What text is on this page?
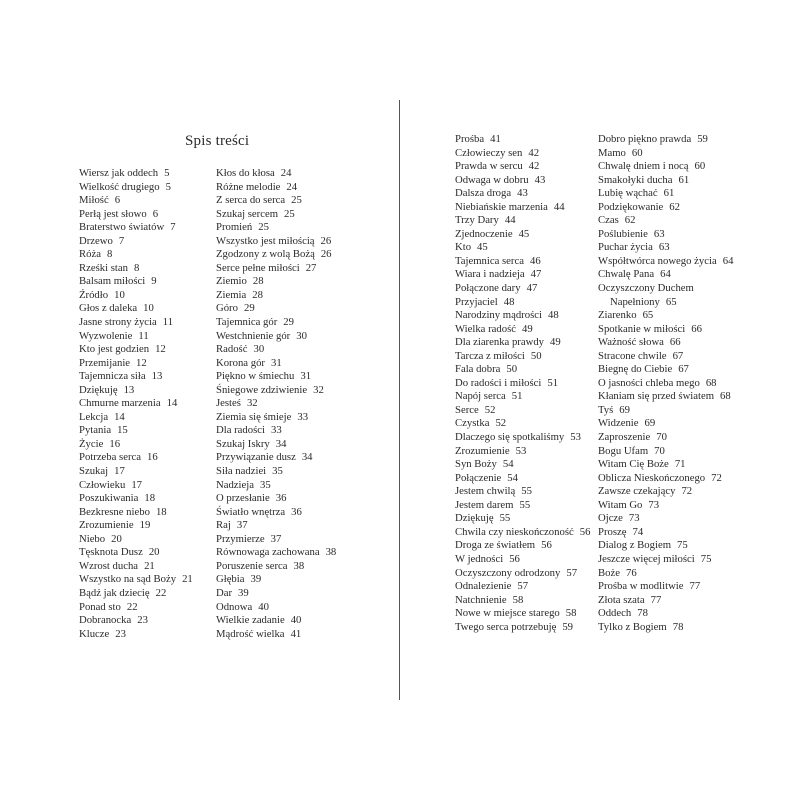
Spis treści
Wiersz jak oddech 5
Wielkość drugiego 5
Miłość 6
Perłą jest słowo 6
Braterstwo światów 7
Drzewo 7
Róża 8
Rześki stan 8
Balsam miłości 9
Źródło 10
Głos z daleka 10
Jasne strony życia 11
Wyzwolenie 11
Kto jest godzien 12
Przemijanie 12
Tajemnicza siła 13
Dziękuję 13
Chmurne marzenia 14
Lekcja 14
Pytania 15
Życie 16
Potrzeba serca 16
Szukaj 17
Człowieku 17
Poszukiwania 18
Bezkresne niebo 18
Zrozumienie 19
Niebo 20
Tęsknota Dusz 20
Wzrost ducha 21
Wszystko na sąd Boży 21
Bądź jak dziecię 22
Ponad sto 22
Dobranocka 23
Klucze 23
Kłos do kłosa 24
Różne melodie 24
Z serca do serca 25
Szukaj sercem 25
Promień 25
Wszystko jest miłością 26
Zgodzony z wolą Bożą 26
Serce pełne miłości 27
Ziemio 28
Ziemia 28
Góro 29
Tajemnica gór 29
Westchnienie gór 30
Radość 30
Korona gór 31
Piękno w śmiechu 31
Śniegowe zdziwienie 32
Jesteś 32
Ziemia się śmieje 33
Dla radości 33
Szukaj Iskry 34
Przywiązanie dusz 34
Siła nadziei 35
Nadzieja 35
O przesłanie 36
Światło wnętrza 36
Raj 37
Przymierze 37
Równowaga zachowana 38
Poruszenie serca 38
Głębia 39
Dar 39
Odnowa 40
Wielkie zadanie 40
Mądrość wielka 41
Prośba 41
Człowieczy sen 42
Prawda w sercu 42
Odwaga w dobru 43
Dalsza droga 43
Niebiańskie marzenia 44
Trzy Dary 44
Zjednoczenie 45
Kto 45
Tajemnica serca 46
Wiara i nadzieja 47
Połączone dary 47
Przyjaciel 48
Narodziny mądrości 48
Wielka radość 49
Dla ziarenka prawdy 49
Tarcza z miłości 50
Fala dobra 50
Do radości i miłości 51
Napój serca 51
Serce 52
Czystka 52
Dlaczego się spotkaliśmy 53
Zrozumienie 53
Syn Boży 54
Połączenie 54
Jestem chwilą 55
Jestem darem 55
Dziękuję 55
Chwila czy nieskończoność 56
Droga ze światłem 56
W jedności 56
Oczyszczony odrodzony 57
Odnalezienie 57
Natchnienie 58
Nowe w miejsce starego 58
Twego serca potrzebuję 59
Dobro piękno prawda 59
Mamo 60
Chwalę dniem i nocą 60
Smakołyki ducha 61
Lubię wąchać 61
Podziękowanie 62
Czas 62
Poślubienie 63
Puchar życia 63
Współtwórca nowego życia 64
Chwalę Pana 64
Oczyszczony Duchem
Napełniony 65
Ziarenko 65
Spotkanie w miłości 66
Ważność słowa 66
Stracone chwile 67
Biegnę do Ciebie 67
O jasności chleba mego 68
Kłaniam się przed światem 68
Tyś 69
Widzenie 69
Zaproszenie 70
Bogu Ufam 70
Witam Cię Boże 71
Oblicza Nieskończonego 72
Zawsze czekający 72
Witam Go 73
Ojcze 73
Proszę 74
Dialog z Bogiem 75
Jeszcze więcej miłości 75
Boże 76
Prośba w modlitwie 77
Złota szata 77
Oddech 78
Tylko z Bogiem 78
